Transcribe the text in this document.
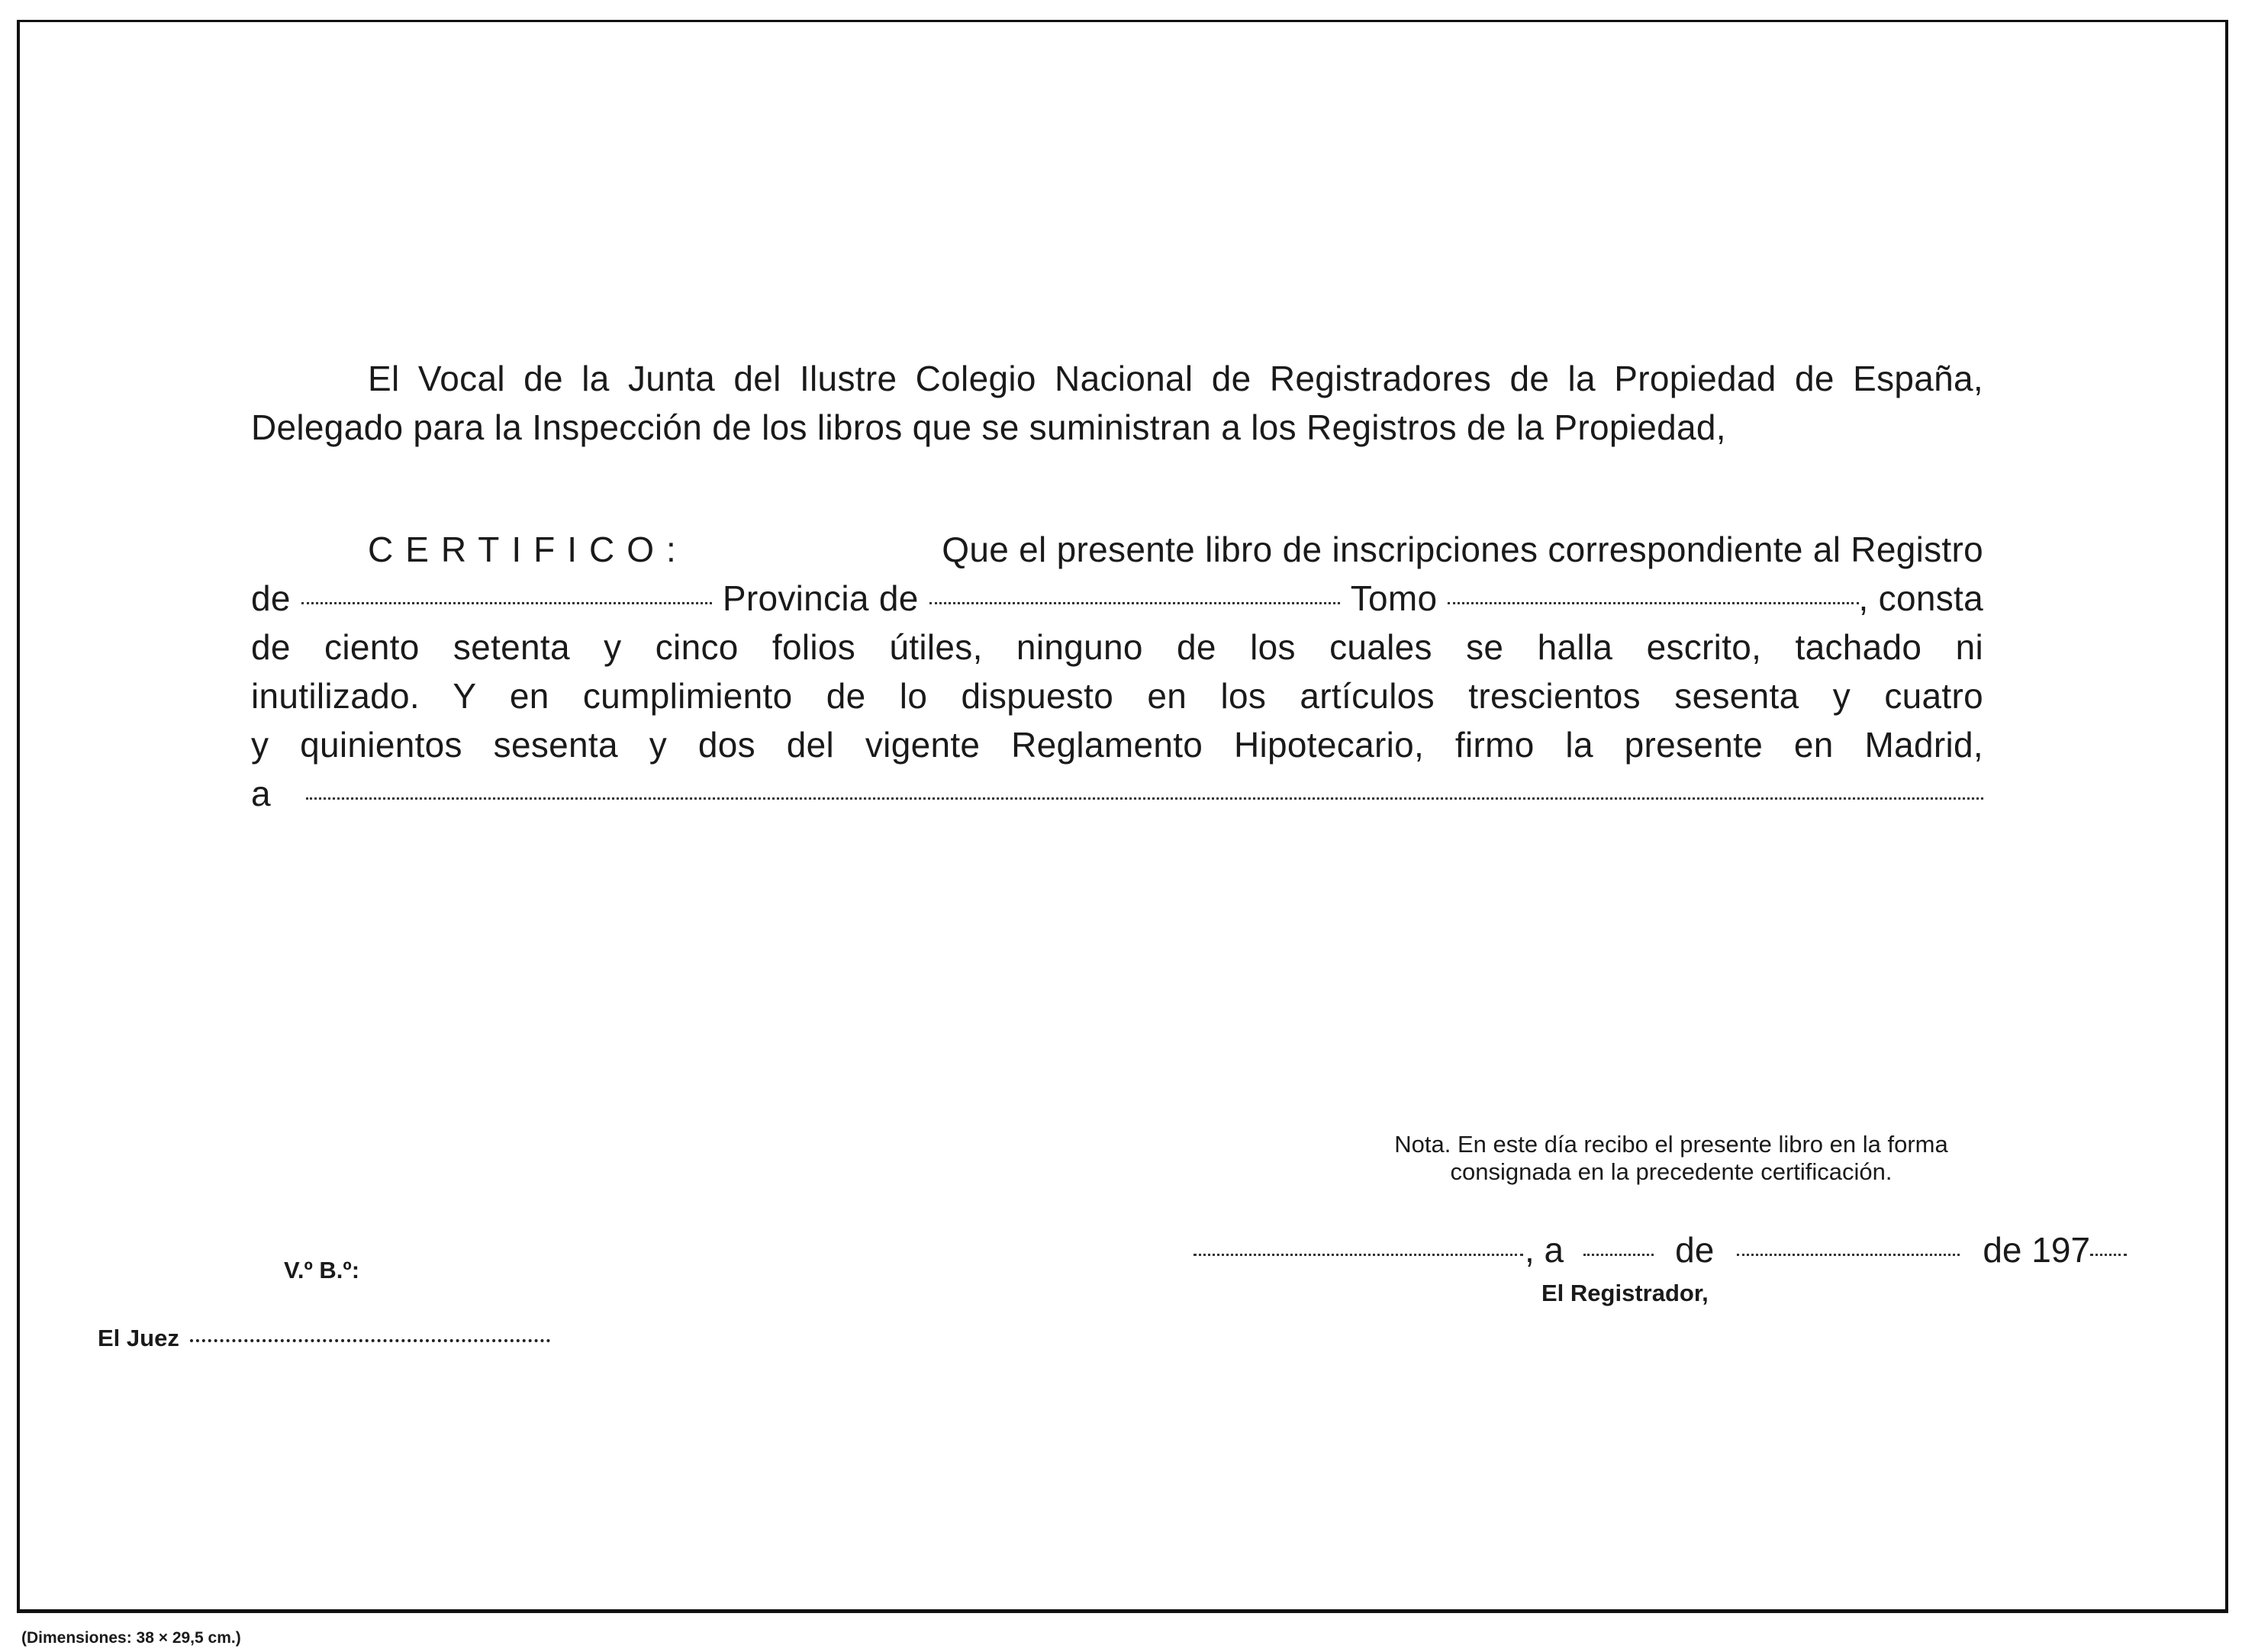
El Vocal de la Junta del Ilustre Colegio Nacional de Registradores de la Propiedad de España, Delegado para la Inspección de los libros que se suministran a los Registros de la Propiedad,
CERTIFICO:	Que el presente libro de inscripciones correspondiente al Registro
de	Provincia de	Tomo	, consta
de ciento setenta y cinco folios útiles, ninguno de los cuales se halla escrito, tachado ni
inutilizado. Y en cumplimiento de lo dispuesto en los artículos trescientos sesenta y cuatro
y quinientos sesenta y dos del vigente Reglamento Hipotecario, firmo la presente en Madrid,
a
Nota. En este día recibo el presente libro en la forma
consignada en la precedente certificación.
, a	de	de 197
El Registrador,
V.º B.º:
El Juez
(Dimensiones: 38 × 29,5 cm.)
